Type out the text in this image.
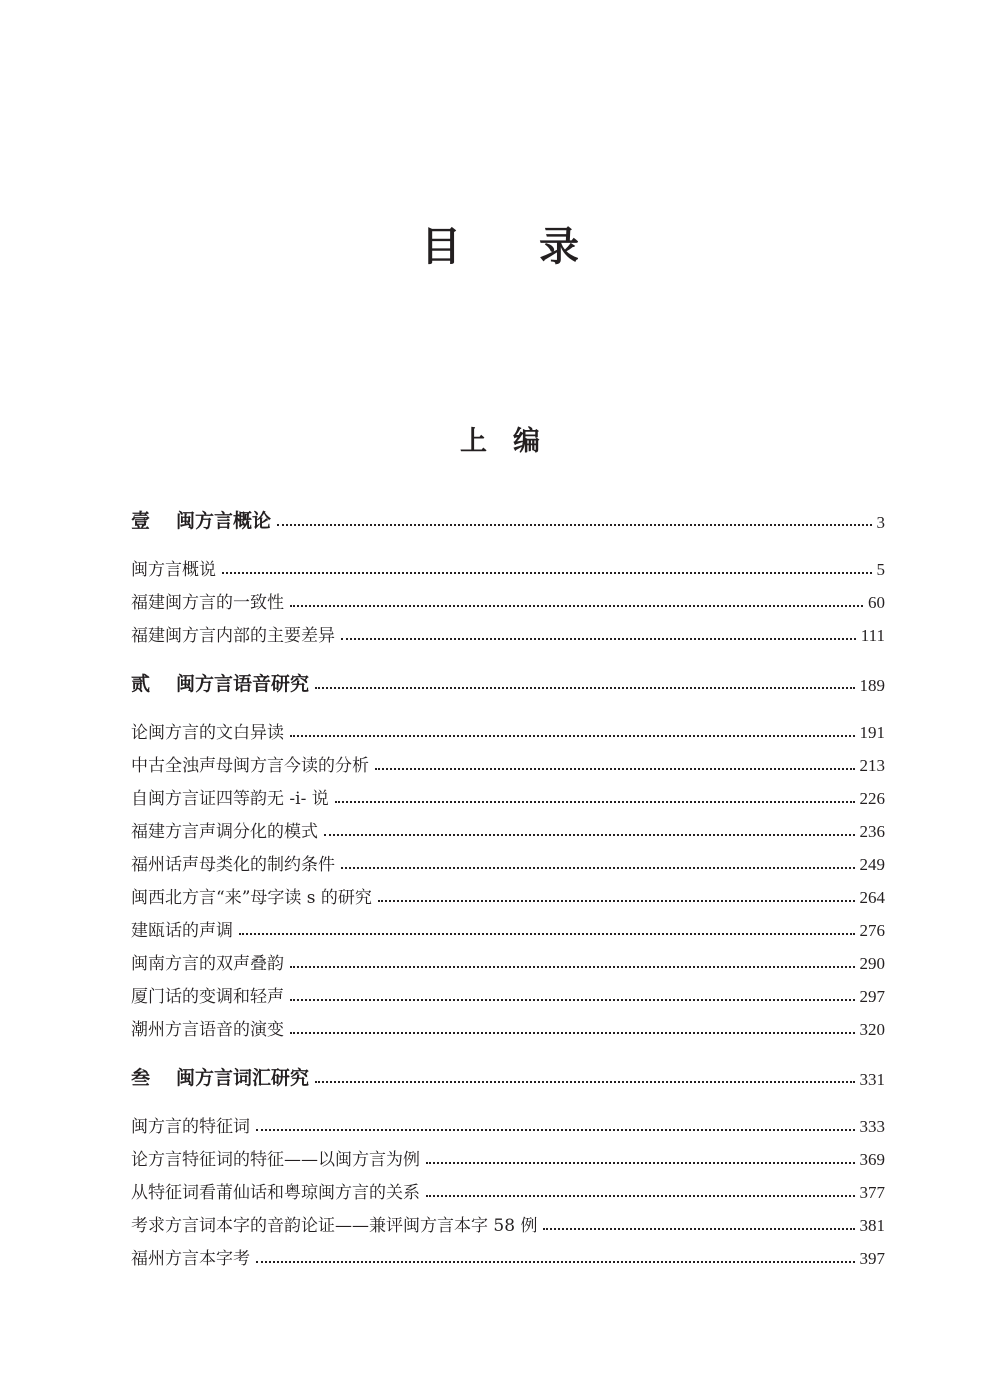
目录
上编
壹	闽方言概论	3
闽方言概说	5
福建闽方言的一致性	60
福建闽方言内部的主要差异	111
贰	闽方言语音研究	189
论闽方言的文白异读	191
中古全浊声母闽方言今读的分析	213
自闽方言证四等韵无 -i- 说	226
福建方言声调分化的模式	236
福州话声母类化的制约条件	249
闽西北方言“来”母字读 s 的研究	264
建瓯话的声调	276
闽南方言的双声叠韵	290
厦门话的变调和轻声	297
潮州方言语音的演变	320
叁	闽方言词汇研究	331
闽方言的特征词	333
论方言特征词的特征——以闽方言为例	369
从特征词看莆仙话和粤琼闽方言的关系	377
考求方言词本字的音韵论证——兼评闽方言本字 58 例	381
福州方言本字考	397
